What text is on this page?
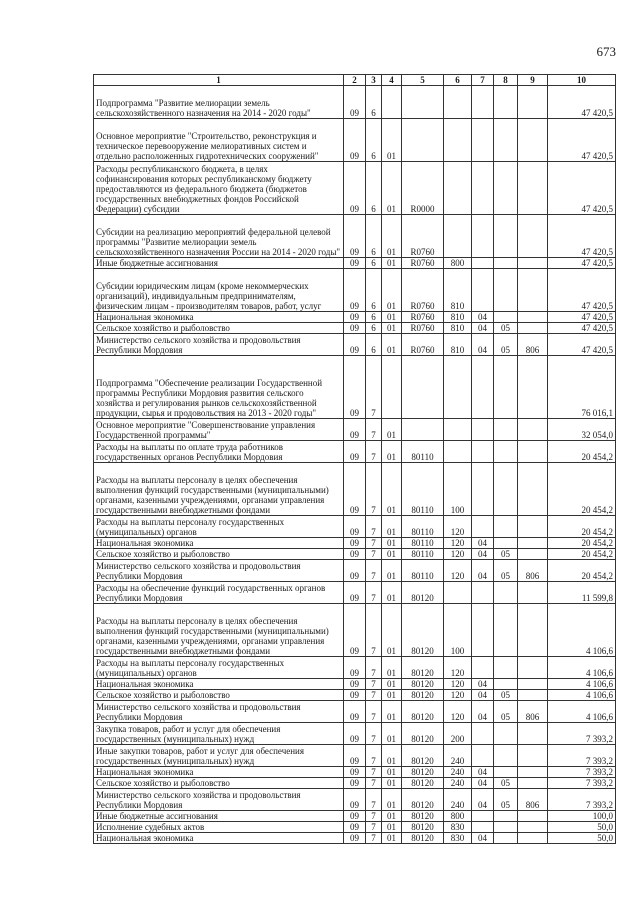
673
1	2	3	4	5	6	7	8	9	10
Подпрограмма "Развитие мелиорации земель сельскохозяйственного назначения на 2014 - 2020 годы"	09	6							47 420,5
Основное мероприятие "Строительство, реконструкция и техническое перевооружение мелиоративных систем и отдельно расположенных гидротехнических сооружений"	09	6	01						47 420,5
Расходы республиканского бюджета, в целях софинансирования которых республиканскому бюджету предоставляются из федерального бюджета (бюджетов государственных внебюджетных фондов Российской Федерации) субсидии	09	6	01	R0000					47 420,5
Субсидии на реализацию мероприятий федеральной целевой программы "Развитие мелиорации земель сельскохозяйственного назначения России на 2014 - 2020 годы"	09	6	01	R0760					47 420,5
Иные бюджетные ассигнования	09	6	01	R0760	800				47 420,5
Субсидии юридическим лицам (кроме некоммерческих организаций), индивидуальным предпринимателям, физическим лицам - производителям товаров, работ, услуг	09	6	01	R0760	810				47 420,5
Национальная экономика	09	6	01	R0760	810	04			47 420,5
Сельское хозяйство и рыболовство	09	6	01	R0760	810	04	05		47 420,5
Министерство сельского хозяйства и продовольствия Республики Мордовия	09	6	01	R0760	810	04	05	806	47 420,5
Подпрограмма "Обеспечение реализации Государственной программы Республики Мордовия развития сельского хозяйства и регулирования рынков сельскохозяйственной продукции, сырья и продовольствия на 2013 - 2020 годы"	09	7							76 016,1
Основное мероприятие "Совершенствование управления Государственной программы"	09	7	01						32 054,0
Расходы на выплаты по оплате труда работников государственных органов Республики Мордовия	09	7	01	80110					20 454,2
Расходы на выплаты персоналу в целях обеспечения выполнения функций государственными (муниципальными) органами, казенными учреждениями, органами управления государственными внебюджетными фондами	09	7	01	80110	100				20 454,2
Расходы на выплаты персоналу государственных (муниципальных) органов	09	7	01	80110	120				20 454,2
Национальная экономика	09	7	01	80110	120	04			20 454,2
Сельское хозяйство и рыболовство	09	7	01	80110	120	04	05		20 454,2
Министерство сельского хозяйства и продовольствия Республики Мордовия	09	7	01	80110	120	04	05	806	20 454,2
Расходы на обеспечение функций государственных органов Республики Мордовия	09	7	01	80120					11 599,8
Расходы на выплаты персоналу в целях обеспечения выполнения функций государственными (муниципальными) органами, казенными учреждениями, органами управления государственными внебюджетными фондами	09	7	01	80120	100				4 106,6
Расходы на выплаты персоналу государственных (муниципальных) органов	09	7	01	80120	120				4 106,6
Национальная экономика	09	7	01	80120	120	04			4 106,6
Сельское хозяйство и рыболовство	09	7	01	80120	120	04	05		4 106,6
Министерство сельского хозяйства и продовольствия Республики Мордовия	09	7	01	80120	120	04	05	806	4 106,6
Закупка товаров, работ и услуг для обеспечения государственных (муниципальных) нужд	09	7	01	80120	200				7 393,2
Иные закупки товаров, работ и услуг для обеспечения государственных (муниципальных) нужд	09	7	01	80120	240				7 393,2
Национальная экономика	09	7	01	80120	240	04			7 393,2
Сельское хозяйство и рыболовство	09	7	01	80120	240	04	05		7 393,2
Министерство сельского хозяйства и продовольствия Республики Мордовия	09	7	01	80120	240	04	05	806	7 393,2
Иные бюджетные ассигнования	09	7	01	80120	800				100,0
Исполнение судебных актов	09	7	01	80120	830				50,0
Национальная экономика	09	7	01	80120	830	04			50,0
